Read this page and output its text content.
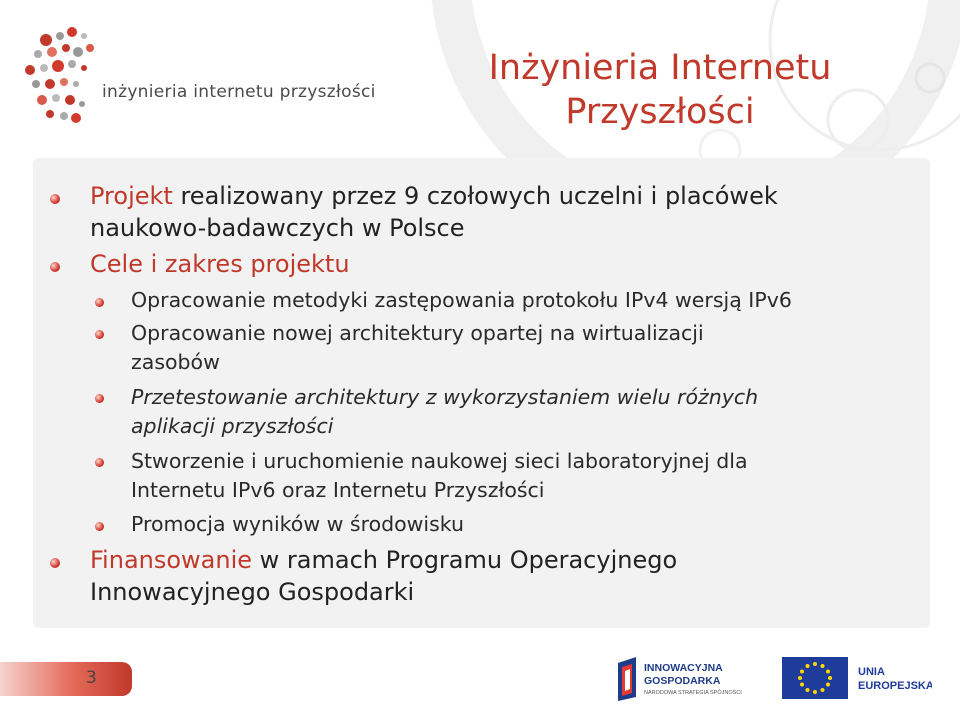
inżynieria internetu przyszłości
Inżynieria Internetu
Przyszłości
Projekt realizowany przez 9 czołowych uczelni i placówek
naukowo-badawczych w Polsce
Cele i zakres projektu
Opracowanie metodyki zastępowania protokołu IPv4 wersją IPv6
Opracowanie nowej architektury opartej na wirtualizacji
zasobów
Przetestowanie architektury z wykorzystaniem wielu różnych
aplikacji przyszłości
Stworzenie i uruchomienie naukowej sieci laboratoryjnej dla
Internetu IPv6 oraz Internetu Przyszłości
Promocja wyników w środowisku
Finansowanie w ramach Programu Operacyjnego
Innowacyjnego Gospodarki
3	INNOWACYJNA
GOSPODARKA
NARODOWA STRATEGIA SPÓJNOŚCI
UNIA
EUROPEJSKA
